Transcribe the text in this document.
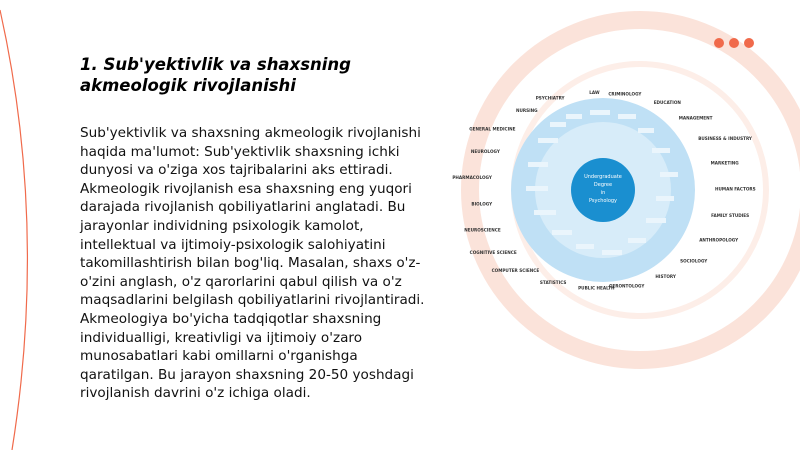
1. Sub'yektivlik va shaxsning akmeologik rivojlanishi

Sub'yektivlik va shaxsning akmeologik rivojlanishi haqida ma'lumot: Sub'yektivlik shaxsning ichki dunyosi va o'ziga xos tajribalarini aks ettiradi. Akmeologik rivojlanish esa shaxsning eng yuqori darajada rivojlanish qobiliyatlarini anglatadi. Bu jarayonlar individning psixologik kamolot, intellektual va ijtimoiy-psixologik salohiyatini takomillashtirish bilan bog'liq. Masalan, shaxs o'z-o'zini anglash, o'z qarorlarini qabul qilish va o'z maqsadlarini belgilash qobiliyatlarini rivojlantiradi. Akmeologiya bo'yicha tadqiqotlar shaxsning individualligi, kreativligi va ijtimoiy o'zaro munosabatlari kabi omillarni o'rganishga qaratilgan. Bu jarayon shaxsning 20-50 yoshdagi rivojlanish davrini o'z ichiga oladi.

Undergraduate
Degree
in
Psychology
PSYCHIATRY
LAW CRIMINOLOGY
EDUCATION
MANAGEMENT
BUSINESS & INDUSTRY
MARKETING
HUMAN FACTORS
FAMILY STUDIES
ANTHROPOLOGY
SOCIOLOGY
HISTORY
GERONTOLOGY
PUBLIC HEALTH
STATISTICS
COMPUTER SCIENCE
COGNITIVE SCIENCE
NEUROSCIENCE
BIOLOGY
PHARMACOLOGY
NEUROLOGY
GENERAL MEDICINE
NURSING
